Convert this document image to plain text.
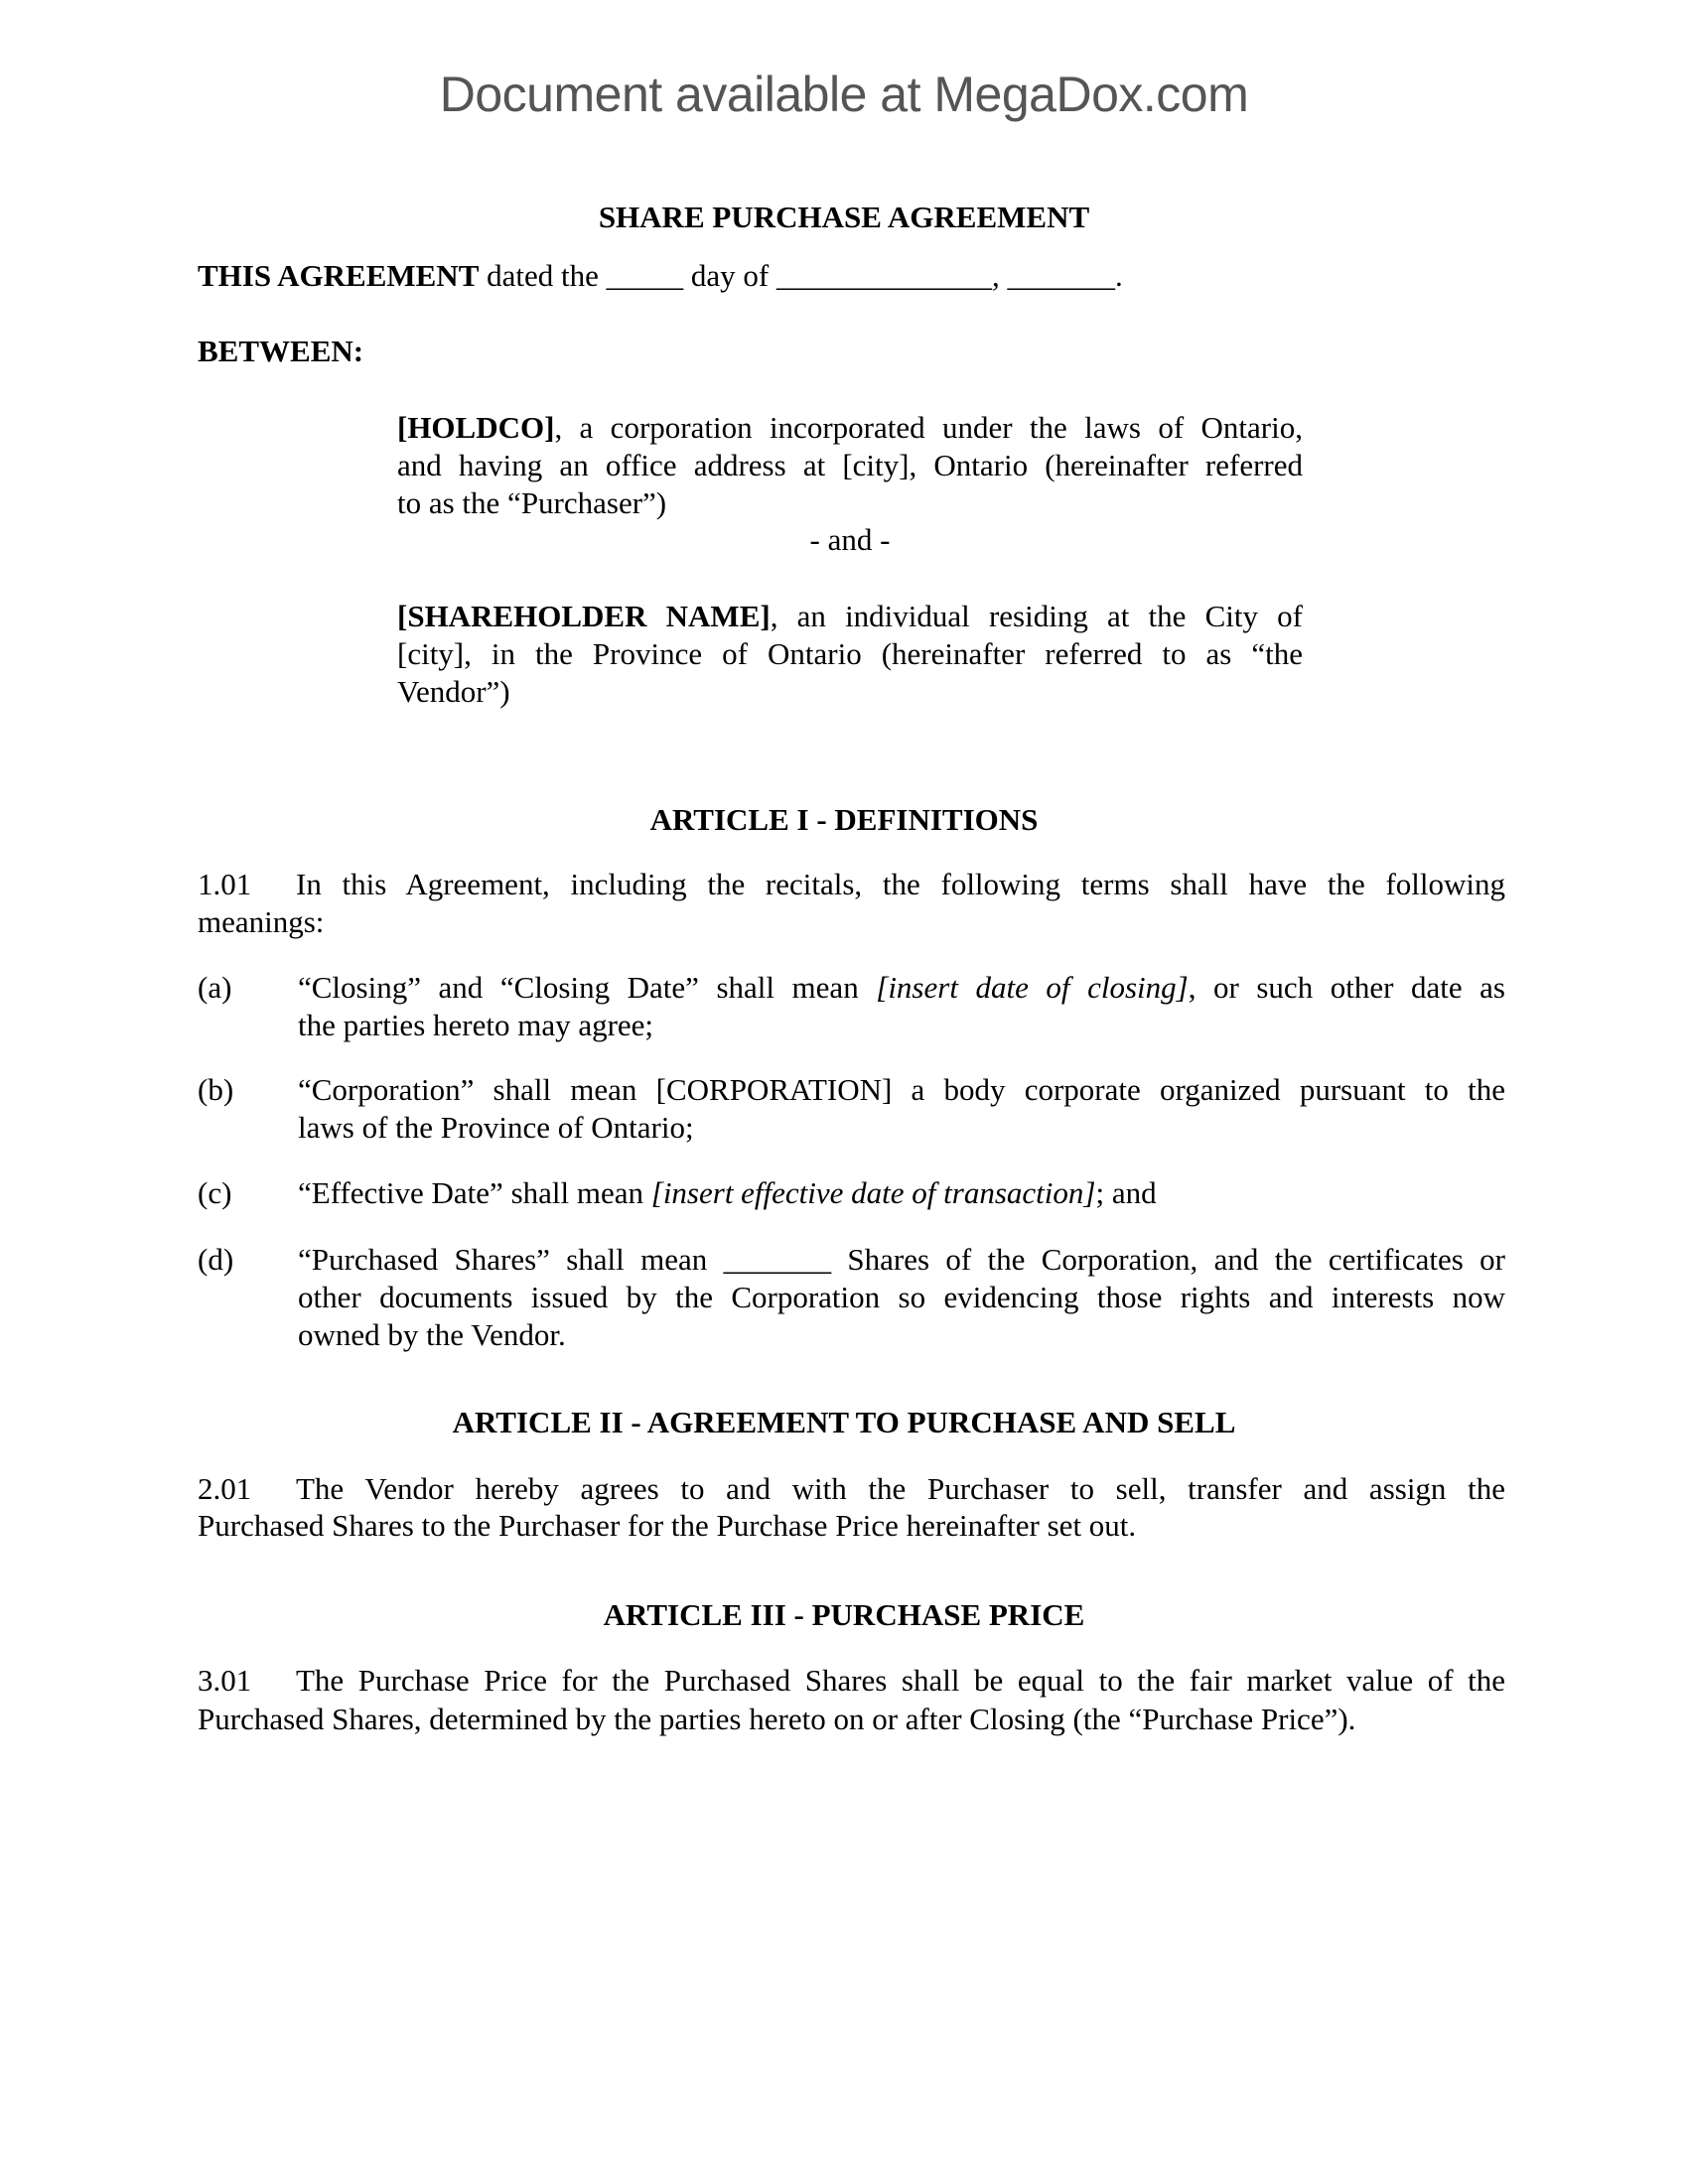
Document available at MegaDox.com
SHARE PURCHASE AGREEMENT
THIS AGREEMENT dated the _____ day of ______________, _______.
BETWEEN:
[HOLDCO], a corporation incorporated under the laws of Ontario,
and having an office address at [city], Ontario (hereinafter referred
to as the “Purchaser”)
- and -
[SHAREHOLDER NAME], an individual residing at the City of
[city], in the Province of Ontario (hereinafter referred to as “the
Vendor”)
ARTICLE I - DEFINITIONS
1.01 In this Agreement, including the recitals, the following terms shall have the following
meanings:
(a) “Closing” and “Closing Date” shall mean [insert date of closing], or such other date as
the parties hereto may agree;
(b) “Corporation” shall mean [CORPORATION] a body corporate organized pursuant to the
laws of the Province of Ontario;
(c) “Effective Date” shall mean [insert effective date of transaction]; and
(d) “Purchased Shares” shall mean _______ Shares of the Corporation, and the certificates or
other documents issued by the Corporation so evidencing those rights and interests now
owned by the Vendor.
ARTICLE II - AGREEMENT TO PURCHASE AND SELL
2.01 The Vendor hereby agrees to and with the Purchaser to sell, transfer and assign the
Purchased Shares to the Purchaser for the Purchase Price hereinafter set out.
ARTICLE III - PURCHASE PRICE
3.01 The Purchase Price for the Purchased Shares shall be equal to the fair market value of the
Purchased Shares, determined by the parties hereto on or after Closing (the “Purchase Price”).
